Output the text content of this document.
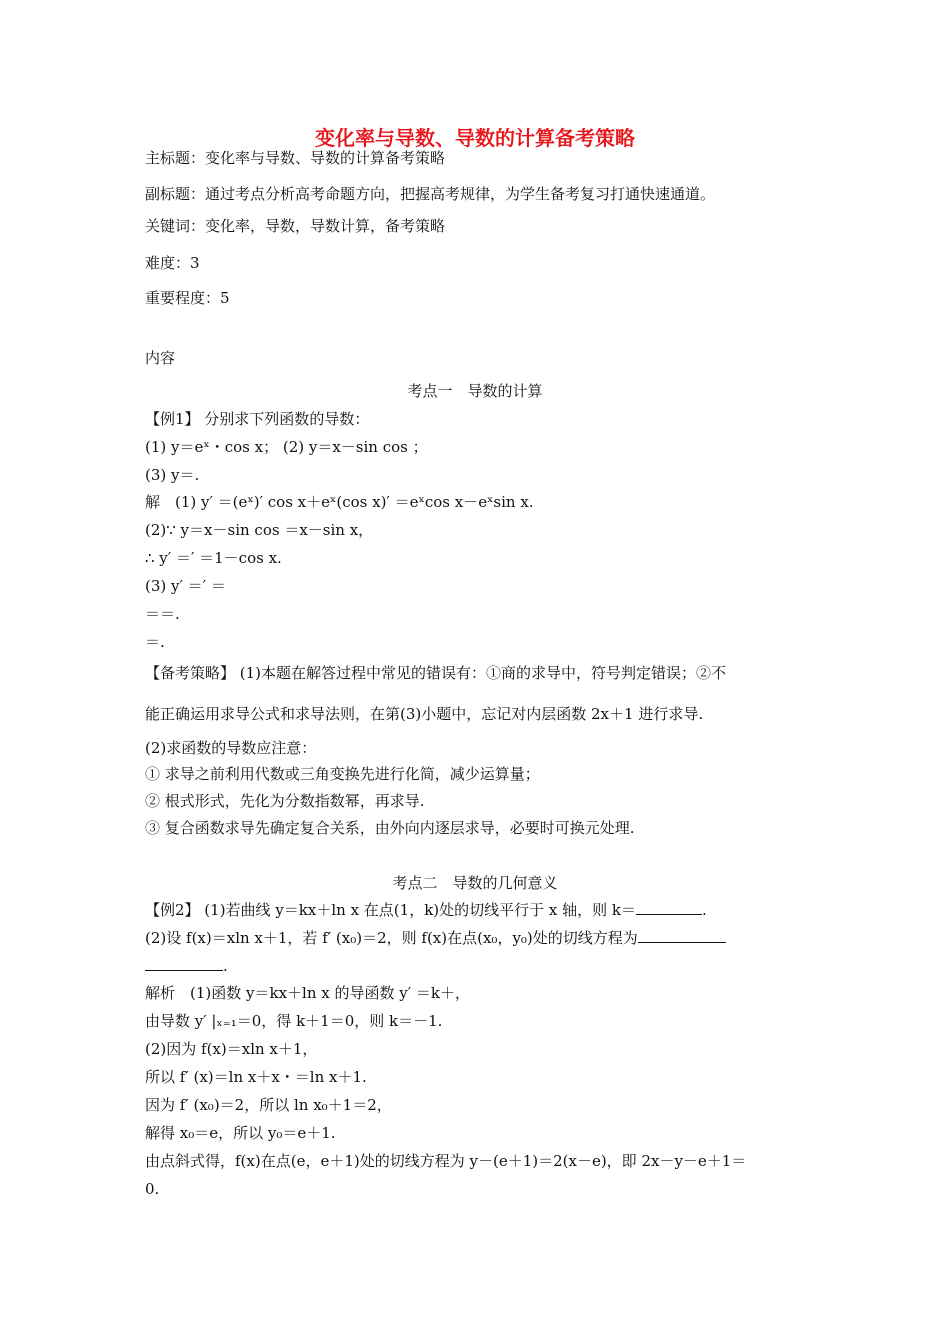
变化率与导数、导数的计算备考策略
主标题：变化率与导数、导数的计算备考策略
副标题：通过考点分析高考命题方向，把握高考规律，为学生备考复习打通快速通道。
关键词：变化率，导数，导数计算，备考策略
难度：3
重要程度：5
内容
考点一　导数的计算
【例1】 分别求下列函数的导数：
(1) y＝eˣ・cos x； (2) y＝x－sin cos ；
(3) y＝.
解　(1) y′ ＝(eˣ)′ cos x＋eˣ(cos x)′ ＝eˣcos x－eˣsin x.
(2)∵ y＝x－sin cos ＝x－sin x，
∴ y′ ＝′ ＝1－cos x.
(3) y′ ＝′ ＝
＝＝.
＝.
【备考策略】 (1)本题在解答过程中常见的错误有：①商的求导中，符号判定错误；②不
能正确运用求导公式和求导法则，在第(3)小题中，忘记对内层函数 2x＋1 进行求导.
(2)求函数的导数应注意：
① 求导之前利用代数或三角变换先进行化简，减少运算量；
② 根式形式，先化为分数指数幂，再求导.
③ 复合函数求导先确定复合关系，由外向内逐层求导，必要时可换元处理.
考点二　导数的几何意义
【例2】 (1)若曲线 y＝kx＋ln x 在点(1，k)处的切线平行于 x 轴，则 k＝	.
(2)设 f(x)＝xln x＋1，若 f′ (x₀)＝2，则 f(x)在点(x₀，y₀)处的切线方程为
.
解析　(1)函数 y＝kx＋ln x 的导函数 y′ ＝k＋，
由导数 y′ |ₓ₌₁＝0，得 k＋1＝0，则 k＝－1.
(2)因为 f(x)＝xln x＋1，
所以 f′ (x)＝ln x＋x・＝ln x＋1.
因为 f′ (x₀)＝2，所以 ln x₀＋1＝2，
解得 x₀＝e，所以 y₀＝e＋1.
由点斜式得，f(x)在点(e，e＋1)处的切线方程为 y－(e＋1)＝2(x－e)，即 2x－y－e＋1＝
0.
